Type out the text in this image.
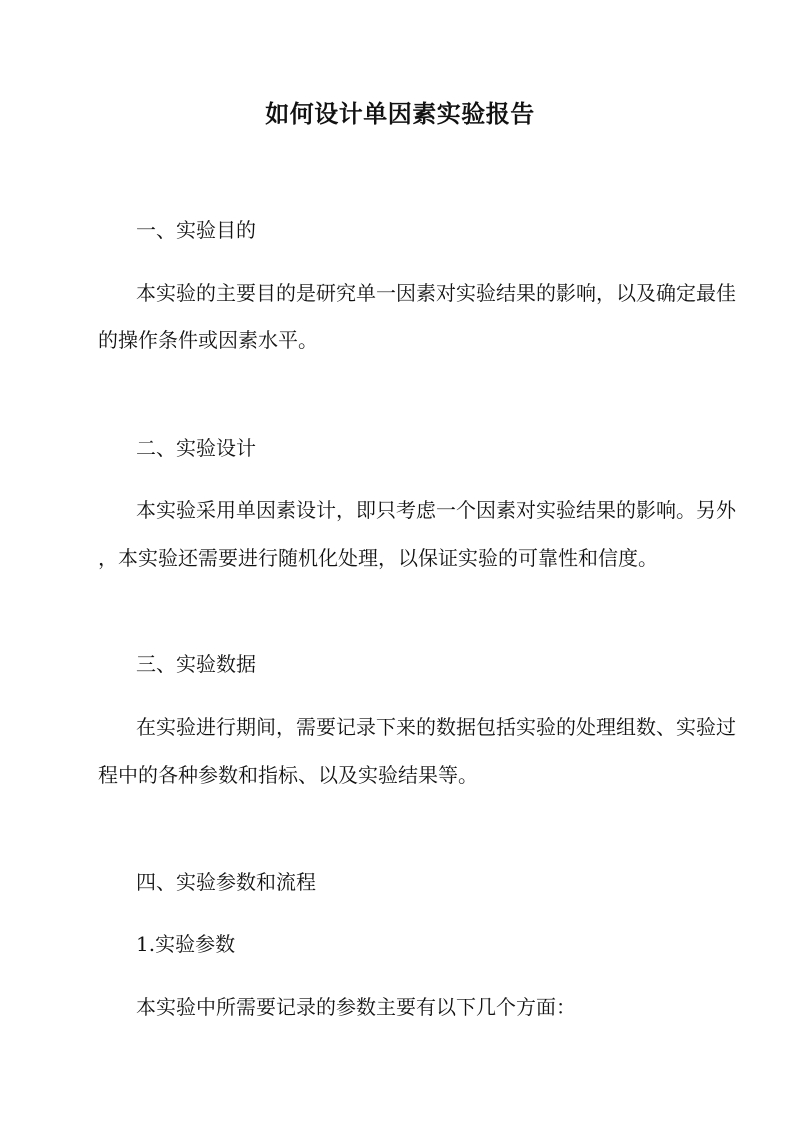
如何设计单因素实验报告
一、实验目的
本实验的主要目的是研究单一因素对实验结果的影响，以及确定最佳
的操作条件或因素水平。
二、实验设计
本实验采用单因素设计，即只考虑一个因素对实验结果的影响。另外
，本实验还需要进行随机化处理，以保证实验的可靠性和信度。
三、实验数据
在实验进行期间，需要记录下来的数据包括实验的处理组数、实验过
程中的各种参数和指标、以及实验结果等。
四、实验参数和流程
1.实验参数
本实验中所需要记录的参数主要有以下几个方面：
